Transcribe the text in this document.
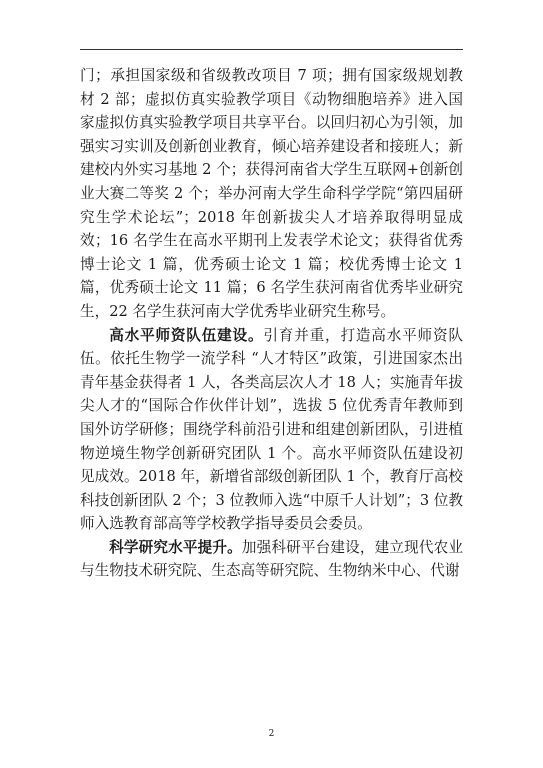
门；承担国家级和省级教改项目 7 项；拥有国家级规划教材 2 部；虚拟仿真实验教学项目《动物细胞培养》进入国家虚拟仿真实验教学项目共享平台。以回归初心为引领，加强实习实训及创新创业教育，倾心培养建设者和接班人；新建校内外实习基地 2 个；获得河南省大学生互联网+创新创业大赛二等奖 2 个；举办河南大学生命科学学院“第四届研究生学术论坛”；2018 年创新拔尖人才培养取得明显成效；16 名学生在高水平期刊上发表学术论文；获得省优秀博士论文 1 篇，优秀硕士论文 1 篇；校优秀博士论文 1 篇，优秀硕士论文 11 篇；6 名学生获河南省优秀毕业研究生，22 名学生获河南大学优秀毕业研究生称号。

高水平师资队伍建设。引育并重，打造高水平师资队伍。依托生物学一流学科 “人才特区”政策，引进国家杰出青年基金获得者 1 人，各类高层次人才 18 人；实施青年拔尖人才的“国际合作伙伴计划”，选拔 5 位优秀青年教师到国外访学研修；围绕学科前沿引进和组建创新团队，引进植物逆境生物学创新研究团队 1 个。高水平师资队伍建设初见成效。2018 年，新增省部级创新团队 1 个，教育厅高校科技创新团队 2 个；3 位教师入选“中原千人计划”；3 位教师入选教育部高等学校教学指导委员会委员。

科学研究水平提升。加强科研平台建设，建立现代农业与生物技术研究院、生态高等研究院、生物纳米中心、代谢

2
